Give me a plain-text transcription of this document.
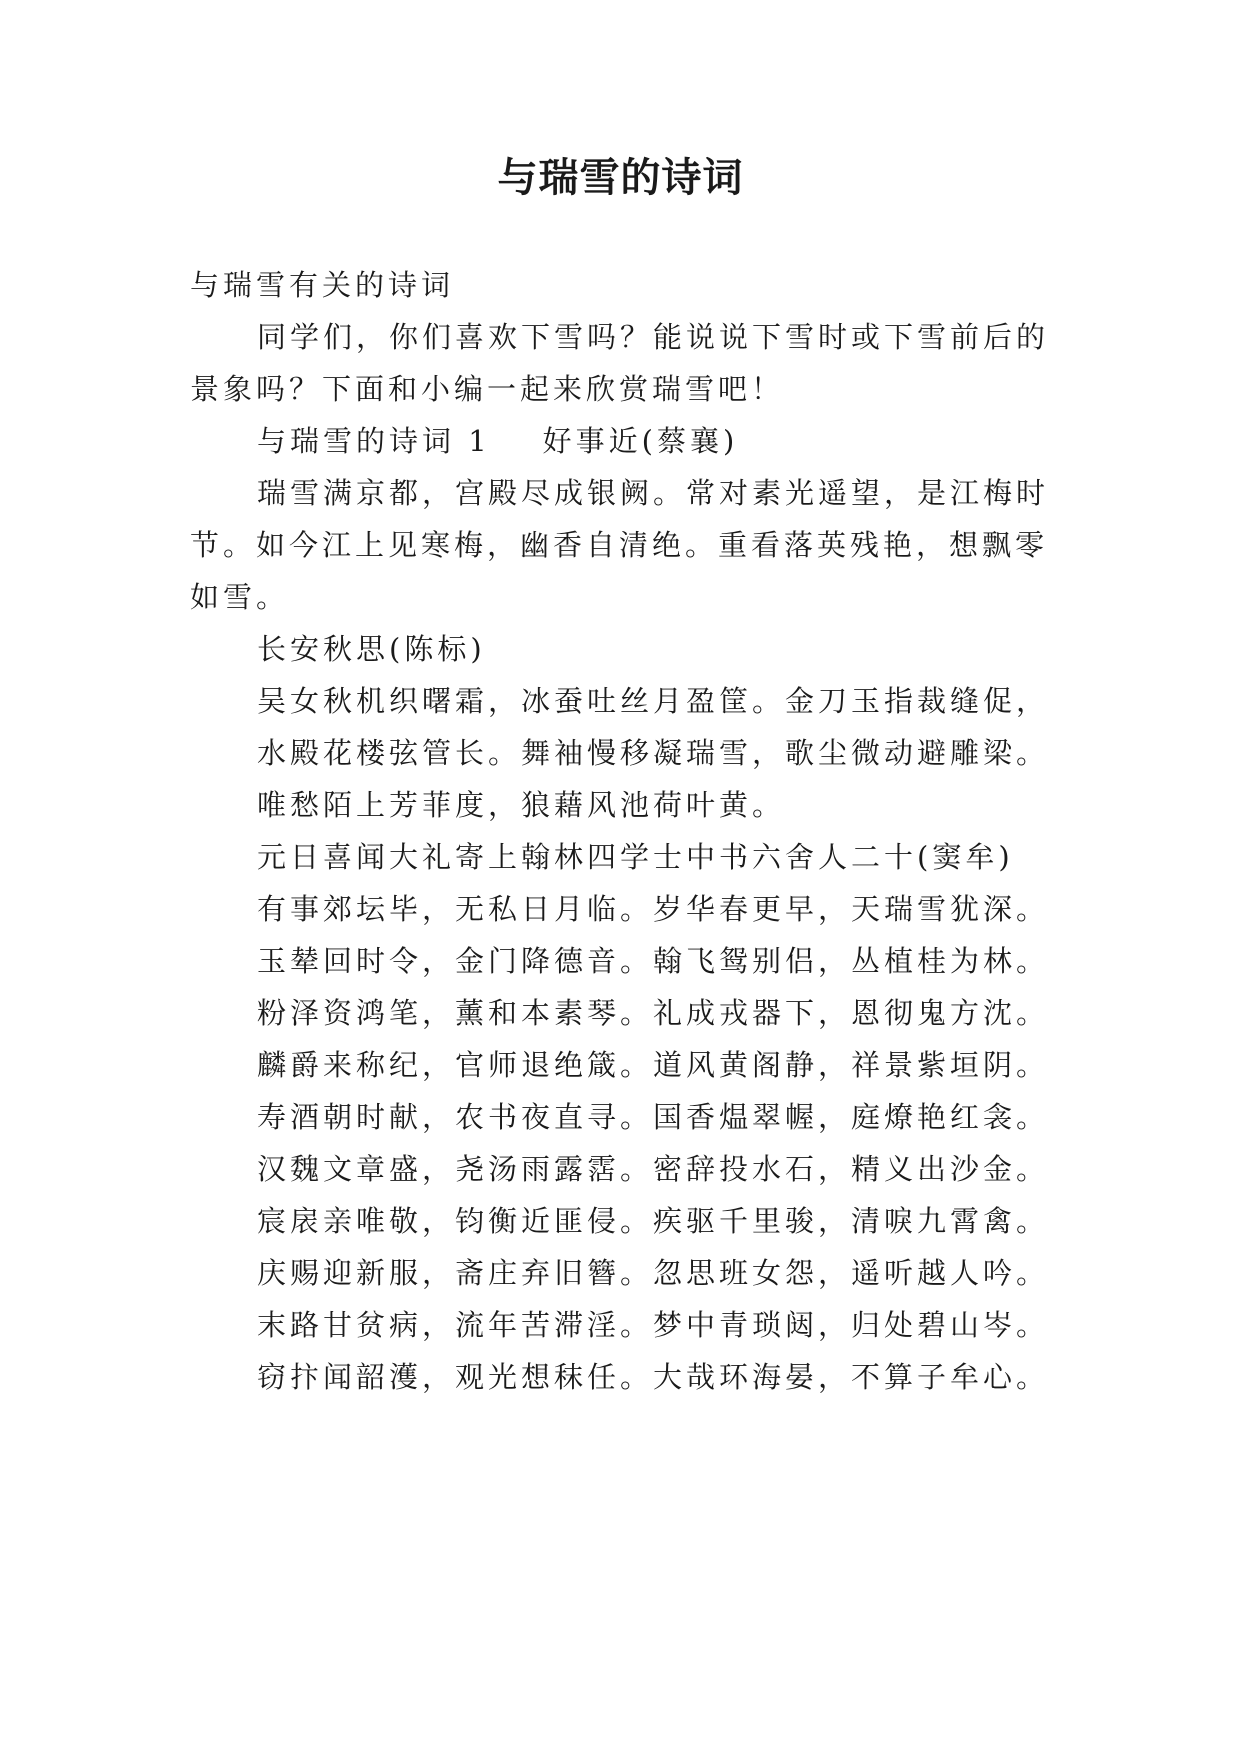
与瑞雪的诗词

与瑞雪有关的诗词

同学们，你们喜欢下雪吗？能说说下雪时或下雪前后的

景象吗？下面和小编一起来欣赏瑞雪吧！

与瑞雪的诗词 1 好事近(蔡襄)

瑞雪满京都，宫殿尽成银阙。常对素光遥望，是江梅时

节。如今江上见寒梅，幽香自清绝。重看落英残艳，想飘零

如雪。

长安秋思(陈标)

吴女秋机织曙霜，冰蚕吐丝月盈筐。金刀玉指裁缝促，

水殿花楼弦管长。舞袖慢移凝瑞雪，歌尘微动避雕梁。

唯愁陌上芳菲度，狼藉风池荷叶黄。

元日喜闻大礼寄上翰林四学士中书六舍人二十(窦牟)

有事郊坛毕，无私日月临。岁华春更早，天瑞雪犹深。

玉辇回时令，金门降德音。翰飞鸳别侣，丛植桂为林。

粉泽资鸿笔，薰和本素琴。礼成戎器下，恩彻鬼方沈。

麟爵来称纪，官师退绝箴。道风黄阁静，祥景紫垣阴。

寿酒朝时献，农书夜直寻。国香煴翠幄，庭燎艳红衾。

汉魏文章盛，尧汤雨露霑。密辞投水石，精义出沙金。

宸扆亲唯敬，钧衡近匪侵。疾驱千里骏，清唳九霄禽。

庆赐迎新服，斋庄弃旧簪。忽思班女怨，遥听越人吟。

末路甘贫病，流年苦滞淫。梦中青琐闼，归处碧山岑。

窃抃闻韶濩，观光想秣任。大哉环海晏，不算子牟心。
